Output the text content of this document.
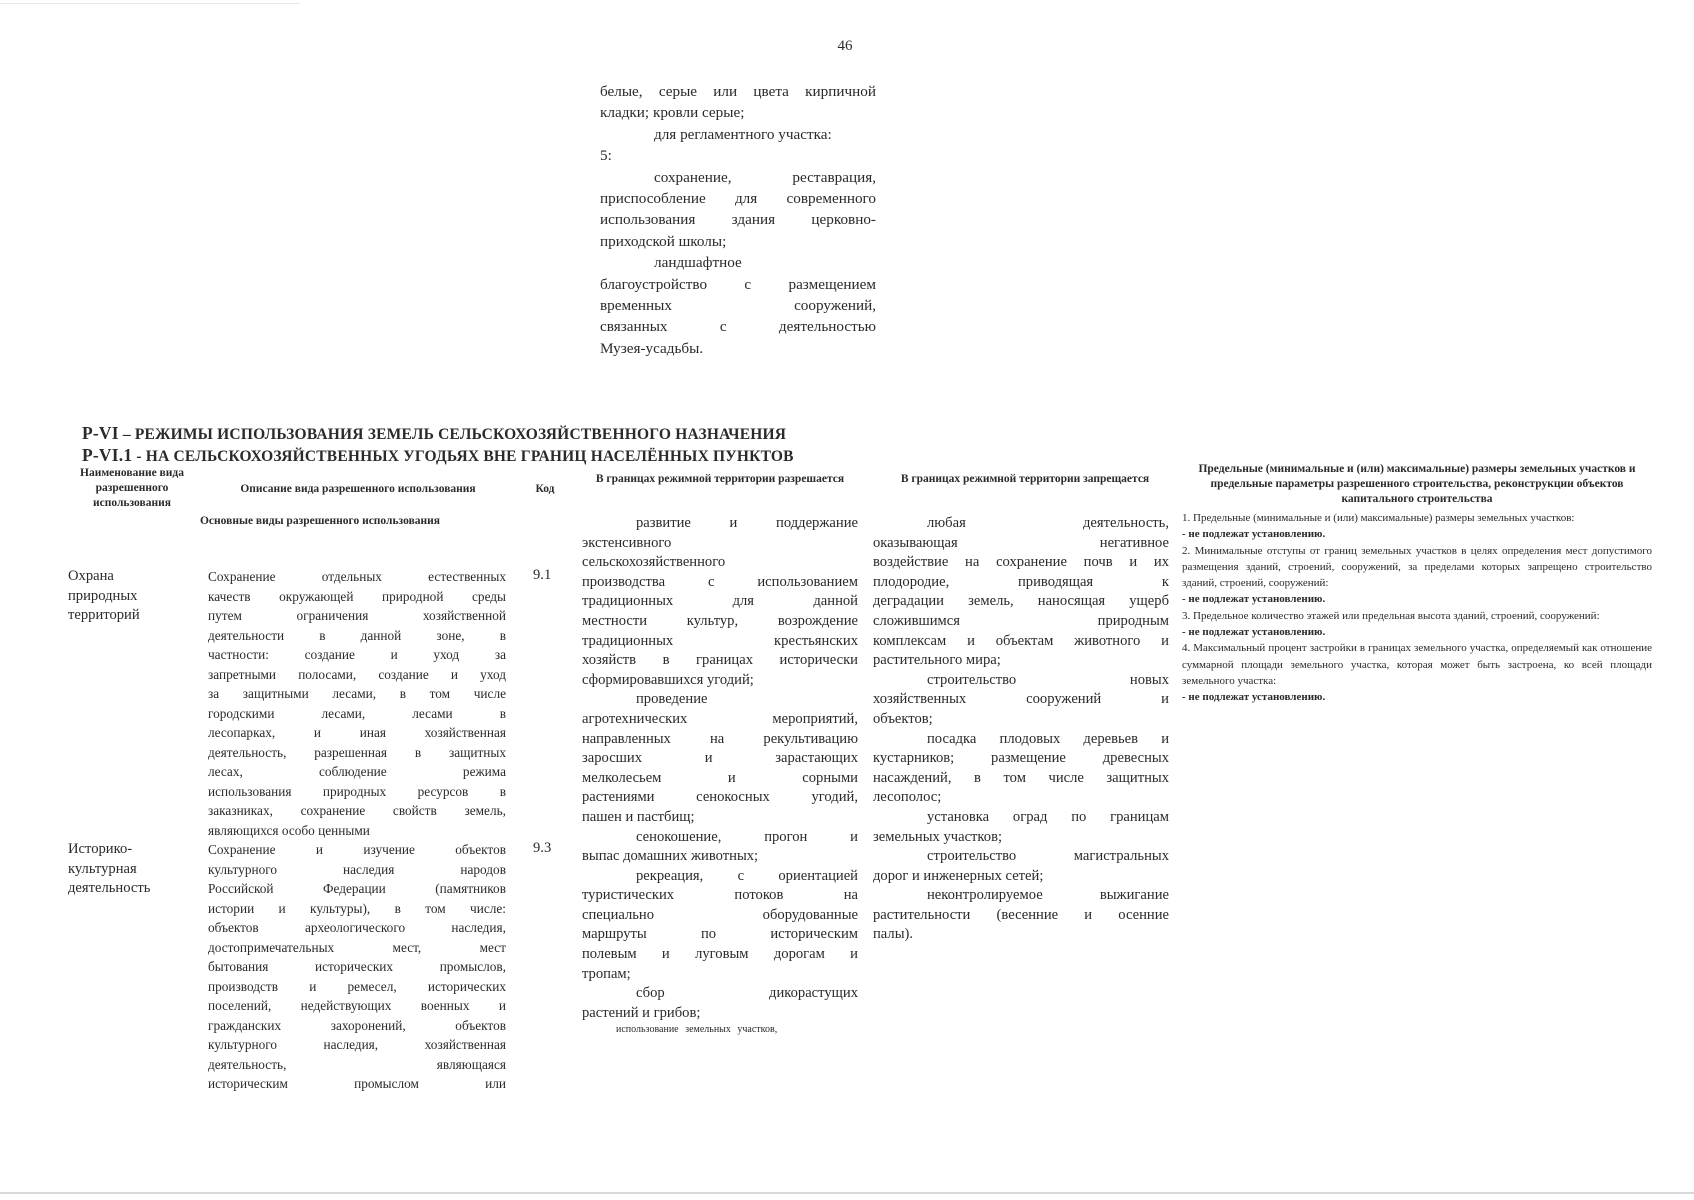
46

белые, серые или цвета кирпичной

кладки; кровли серые;

для регламентного участка:

5:

сохранение, реставрация,

приспособление для современного

использования здания церковно-

приходской школы;

ландшафтное

благоустройство с размещением

временных сооружений,

связанных с деятельностью

Музея-усадьбы.

Р-VI – РЕЖИМЫ ИСПОЛЬЗОВАНИЯ ЗЕМЕЛЬ СЕЛЬСКОХОЗЯЙСТВЕННОГО НАЗНАЧЕНИЯ
Р-VI.1 - НА СЕЛЬСКОХОЗЯЙСТВЕННЫХ УГОДЬЯХ ВНЕ ГРАНИЦ НАСЕЛЁННЫХ ПУНКТОВ
Наименование вида разрешенного использования
Описание вида разрешенного использования	Код
В границах режимной территории разрешается	В границах режимной территории запрещается
Предельные (минимальные и (или) максимальные) размеры земельных участков и предельные параметры разрешенного строительства, реконструкции объектов капитального строительства
Основные виды разрешенного использования
Охрана
природных
территорий
9.1

Сохранение отдельных естественных

качеств окружающей природной среды

путем ограничения хозяйственной

деятельности в данной зоне, в

частности: создание и уход за

запретными полосами, создание и уход

за защитными лесами, в том числе

городскими лесами, лесами в

лесопарках, и иная хозяйственная

деятельность, разрешенная в защитных

лесах, соблюдение режима

использования природных ресурсов в

заказниках, сохранение свойств земель,

являющихся особо ценными

Историко-
культурная
деятельность
9.3

Сохранение и изучение объектов

культурного наследия народов

Российской Федерации (памятников

истории и культуры), в том числе:

объектов археологического наследия,

достопримечательных мест, мест

бытования исторических промыслов,

производств и ремесел, исторических

поселений, недействующих военных и

гражданских захоронений, объектов

культурного наследия, хозяйственная

деятельность, являющаяся

историческим промыслом или

развитие и поддержание

экстенсивного

сельскохозяйственного

производства с использованием

традиционных для данной

местности культур, возрождение

традиционных крестьянских

хозяйств в границах исторически

сформировавшихся угодий;

проведение

агротехнических мероприятий,

направленных на рекультивацию

заросших и зарастающих

мелколесьем и сорными

растениями сенокосных угодий,

пашен и пастбищ;

сенокошение, прогон и

выпас домашних животных;

рекреация, с ориентацией

туристических потоков на

специально оборудованные

маршруты по историческим

полевым и луговым дорогам и

тропам;

сбор дикорастущих

растений и грибов;

использование земельных участков,

любая деятельность,

оказывающая негативное

воздействие на сохранение почв и их

плодородие, приводящая к

деградации земель, наносящая ущерб

сложившимся природным

комплексам и объектам животного и

растительного мира;

строительство новых

хозяйственных сооружений и

объектов;

посадка плодовых деревьев и

кустарников; размещение древесных

насаждений, в том числе защитных

лесополос;

установка оград по границам

земельных участков;

строительство магистральных

дорог и инженерных сетей;

неконтролируемое выжигание

растительности (весенние и осенние

палы).

1. Предельные (минимальные и (или) максимальные) размеры земельных участков:

- не подлежат установлению.

2. Минимальные отступы от границ земельных участков в целях определения мест допустимого размещения зданий, строений, сооружений, за пределами которых запрещено строительство зданий, строений, сооружений:

- не подлежат установлению.

3. Предельное количество этажей или предельная высота зданий, строений, сооружений:

- не подлежат установлению.

4. Максимальный процент застройки в границах земельного участка, определяемый как отношение суммарной площади земельного участка, которая может быть застроена, ко всей площади земельного участка:

- не подлежат установлению.
